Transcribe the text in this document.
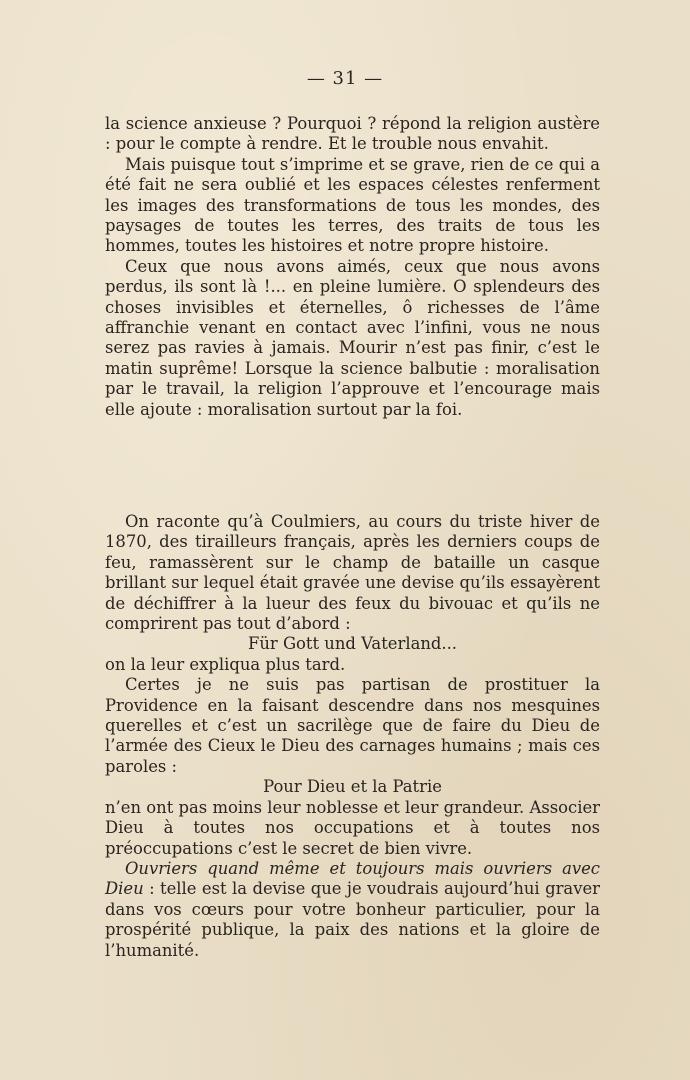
— 31 —

la science anxieuse ? Pourquoi ? répond la religion austère : pour le compte à rendre. Et le trouble nous envahit.

Mais puisque tout s’imprime et se grave, rien de ce qui a été fait ne sera oublié et les espaces célestes renferment les images des transformations de tous les mondes, des paysages de toutes les terres, des traits de tous les hommes, toutes les histoires et notre propre histoire.

Ceux que nous avons aimés, ceux que nous avons perdus, ils sont là !... en pleine lumière. O splendeurs des choses invisibles et éternelles, ô richesses de l’âme affranchie venant en contact avec l’infini, vous ne nous serez pas ravies à jamais. Mourir n’est pas finir, c’est le matin suprême! Lorsque la science balbutie : moralisation par le travail, la religion l’approuve et l’encourage mais elle ajoute : moralisation surtout par la foi.

On raconte qu’à Coulmiers, au cours du triste hiver de 1870, des tirailleurs français, après les derniers coups de feu, ramassèrent sur le champ de bataille un casque brillant sur lequel était gravée une devise qu’ils essayèrent de déchiffrer à la lueur des feux du bivouac et qu’ils ne comprirent pas tout d’abord :

Für Gott und Vaterland...

on la leur expliqua plus tard.

Certes je ne suis pas partisan de prostituer la Providence en la faisant descendre dans nos mesquines querelles et c’est un sacrilège que de faire du Dieu de l’armée des Cieux le Dieu des carnages humains ; mais ces paroles :

Pour Dieu et la Patrie

n’en ont pas moins leur noblesse et leur grandeur. Associer Dieu à toutes nos occupations et à toutes nos préoccupations c’est le secret de bien vivre.

Ouvriers quand même et toujours mais ouvriers avec Dieu : telle est la devise que je voudrais aujourd’hui graver dans vos cœurs pour votre bonheur particulier, pour la prospérité publique, la paix des nations et la gloire de l’humanité.
